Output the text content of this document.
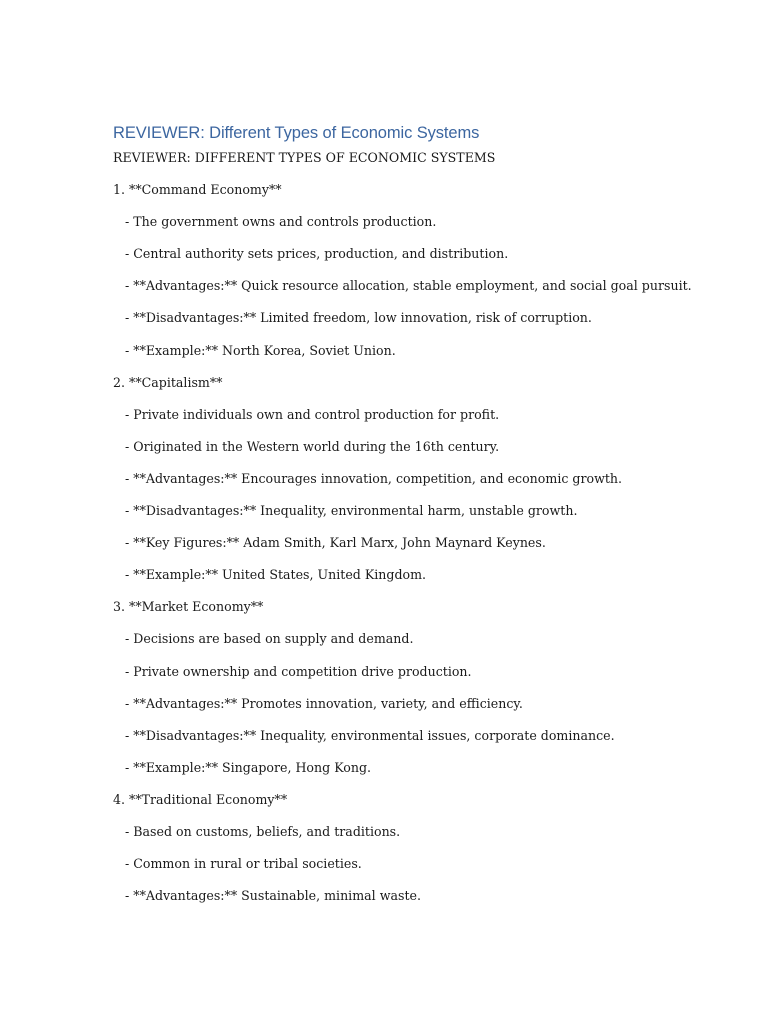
REVIEWER: Different Types of Economic Systems
REVIEWER: DIFFERENT TYPES OF ECONOMIC SYSTEMS
1. **Command Economy**
- The government owns and controls production.
- Central authority sets prices, production, and distribution.
- **Advantages:** Quick resource allocation, stable employment, and social goal pursuit.
- **Disadvantages:** Limited freedom, low innovation, risk of corruption.
- **Example:** North Korea, Soviet Union.
2. **Capitalism**
- Private individuals own and control production for profit.
- Originated in the Western world during the 16th century.
- **Advantages:** Encourages innovation, competition, and economic growth.
- **Disadvantages:** Inequality, environmental harm, unstable growth.
- **Key Figures:** Adam Smith, Karl Marx, John Maynard Keynes.
- **Example:** United States, United Kingdom.
3. **Market Economy**
- Decisions are based on supply and demand.
- Private ownership and competition drive production.
- **Advantages:** Promotes innovation, variety, and efficiency.
- **Disadvantages:** Inequality, environmental issues, corporate dominance.
- **Example:** Singapore, Hong Kong.
4. **Traditional Economy**
- Based on customs, beliefs, and traditions.
- Common in rural or tribal societies.
- **Advantages:** Sustainable, minimal waste.
